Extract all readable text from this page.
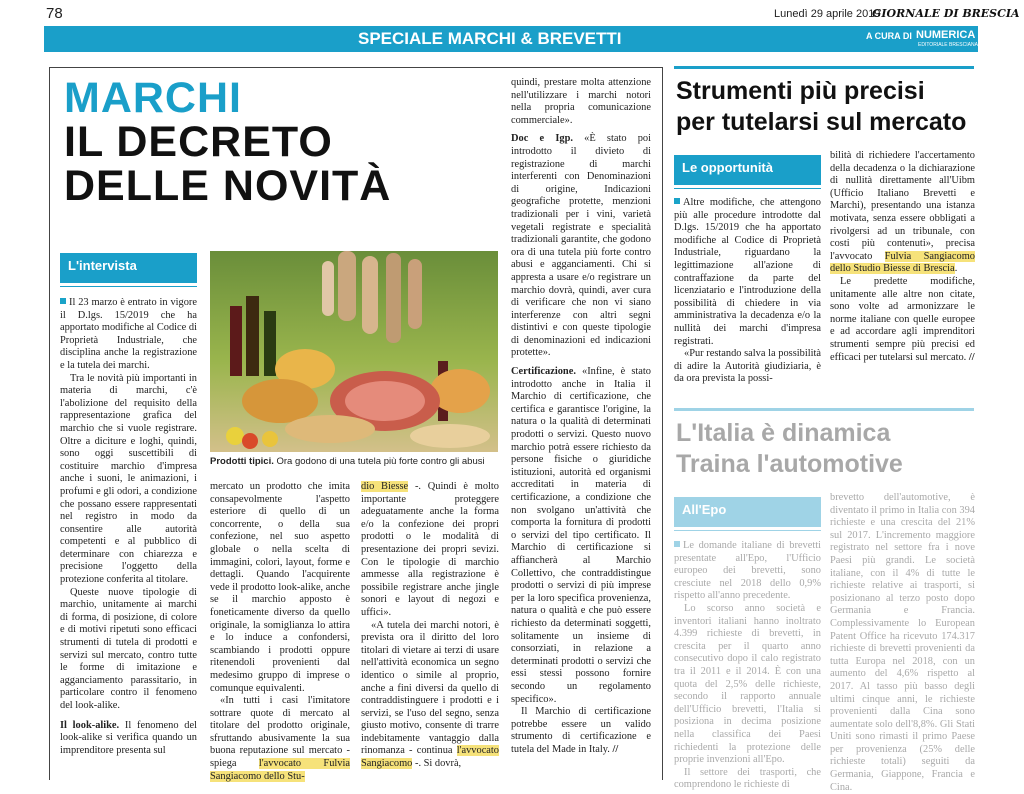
78	Lunedì 29 aprile 2019
GIORNALE DI BRESCIA
SPECIALE MARCHI & BREVETTI	A CURA DI NUMERICA
EDITORIALE BRESCIANA
MARCHI
IL DECRETO
DELLE NOVITÀ
L'intervista
Prodotti tipici. Ora godono di una tutela più forte contro gli abusi

Il 23 marzo è entrato in vigore il D.lgs. 15/2019 che ha apportato modifiche al Codice di Proprietà Industriale, che disciplina anche la registrazione e la tutela dei marchi.

Tra le novità più importanti in materia di marchi, c'è l'abolizione del requisito della rappresentazione grafica del marchio che si vuole registrare. Oltre a diciture e loghi, quindi, sono oggi suscettibili di costituire marchio d'impresa anche i suoni, le animazioni, i profumi e gli odori, a condizione che possano essere rappresentati nel registro in modo da consentire alle autorità competenti e al pubblico di determinare con chiarezza e precisione l'oggetto della protezione conferita al titolare.

Queste nuove tipologie di marchio, unitamente ai marchi di forma, di posizione, di colore e di motivi ripetuti sono efficaci strumenti di tutela di prodotti e servizi sul mercato, contro tutte le forme di imitazione e agganciamento parassitario, in particolare contro il fenomeno del look-alike.

Il look-alike. Il fenomeno del look-alike si verifica quando un imprenditore presenta sul

mercato un prodotto che imita consapevolmente l'aspetto esteriore di quello di un concorrente, o della sua confezione, nel suo aspetto globale o nella scelta di immagini, colori, layout, forme e dettagli. Quando l'acquirente vede il prodotto look-alike, anche se il marchio apposto è foneticamente diverso da quello originale, la somiglianza lo attira e lo induce a confondersi, scambiando i prodotti oppure ritenendoli provenienti dal medesimo gruppo di imprese o comunque equivalenti.

«In tutti i casi l'imitatore sottrare quote di mercato al titolare del prodotto originale, sfruttando abusivamente la sua buona reputazione sul mercato - spiega l'avvocato Fulvia Sangiacomo dello Stu-

dio Biesse -. Quindi è molto importante proteggere adeguatamente anche la forma e/o la confezione dei propri prodotti o le modalità di presentazione dei propri sevizi. Con le tipologie di marchio ammesse alla registrazione è possibile registrare anche jingle sonori e layout di negozi e uffici».

«A tutela dei marchi notori, è prevista ora il diritto del loro titolari di vietare ai terzi di usare nell'attività economica un segno identico o simile al proprio, anche a fini diversi da quello di contraddistinguere i prodotti e i servizi, se l'uso del segno, senza giusto motivo, consente di trarre indebitamente vantaggio dalla rinomanza - continua l'avvocato Sangiacomo -. Si dovrà,

quindi, prestare molta attenzione nell'utilizzare i marchi notori nella propria comunicazione commerciale».

Doc e Igp. «È stato poi introdotto il divieto di registrazione di marchi interferenti con Denominazioni di origine, Indicazioni geografiche protette, menzioni tradizionali per i vini, varietà vegetali registrate e specialità tradizionali garantite, che godono ora di una tutela più forte contro abusi e agganciamenti. Chi si appresta a usare e/o registrare un marchio dovrà, quindi, aver cura di verificare che non vi siano interferenze con altri segni distintivi e con queste tipologie di denominazioni ed indicazioni protette».

Certificazione. «Infine, è stato introdotto anche in Italia il Marchio di certificazione, che certifica e garantisce l'origine, la natura o la qualità di determinati prodotti o servizi. Questo nuovo marchio potrà essere richiesto da persone fisiche o giuridiche istituzioni, autorità ed organismi accreditati in materia di certificazione, a condizione che non svolgano un'attività che comporta la fornitura di prodotti o servizi del tipo certificato. Il Marchio di certificazione si affiancherà al Marchio Collettivo, che contraddistingue prodotti o servizi di più imprese per la loro specifica provenienza, natura o qualità e che può essere richiesto da determinati soggetti, solitamente un insieme di consorziati, in relazione a determinati prodotti o servizi che essi stessi possono fornire secondo un regolamento specifico».

Il Marchio di certificazione potrebbe essere un valido strumento di certificazione e tutela del Made in Italy. //

Strumenti più precisi
per tutelarsi sul mercato
Le opportunità

Altre modifiche, che attengono più alle procedure introdotte dal D.lgs. 15/2019 che ha apportato modifiche al Codice di Proprietà Industriale, riguardano la legittimazione all'azione di contraffazione da parte del licenziatario e l'introduzione della possibilità di chiedere in via amministrativa la decadenza e/o la nullità dei marchi d'impresa registrati.

«Pur restando salva la possibilità di adire la Autorità giudiziaria, è da ora prevista la possi-

bilità di richiedere l'accertamento della decadenza o la dichiarazione di nullità direttamente all'Uibm (Ufficio Italiano Brevetti e Marchi), presentando una istanza motivata, senza essere obbligati a rivolgersi ad un tribunale, con costi più contenuti», precisa l'avvocato Fulvia Sangiacomo dello Studio Biesse di Brescia.

Le predette modifiche, unitamente alle altre non citate, sono volte ad armonizzare le norme italiane con quelle europee e ad accordare agli imprenditori strumenti sempre più precisi ed efficaci per tutelarsi sul mercato. //

L'Italia è dinamica
Traina l'automotive
All'Epo

Le domande italiane di brevetti presentate all'Epo, l'Ufficio europeo dei brevetti, sono cresciute nel 2018 dello 0,9% rispetto all'anno precedente.

Lo scorso anno società e inventori italiani hanno inoltrato 4.399 richieste di brevetti, in crescita per il quarto anno consecutivo dopo il calo registrato tra il 2011 e il 2014. È con una quota del 2,5% delle richieste, secondo il rapporto annuale dell'Ufficio brevetti, l'Italia si posiziona in decima posizione nella classifica dei Paesi richiedenti la protezione delle proprie invenzioni all'Epo.

Il settore dei trasporti, che comprendono le richieste di

brevetto dell'automotive, è diventato il primo in Italia con 394 richieste e una crescita del 21% sul 2017. L'incremento maggiore registrato nel settore fra i nove Paesi più grandi. Le società italiane, con il 4% di tutte le richieste relative ai trasporti, si posizionano al terzo posto dopo Germania e Francia. Complessivamente lo European Patent Office ha ricevuto 174.317 richieste di brevetti provenienti da tutta Europa nel 2018, con un aumento del 4,6% rispetto al 2017. Al tasso più basso degli ultimi cinque anni, le richieste provenienti dalla Cina sono aumentate solo dell'8,8%. Gli Stati Uniti sono rimasti il primo Paese per provenienza (25% delle richieste totali) seguiti da Germania, Giappone, Francia e Cina.
